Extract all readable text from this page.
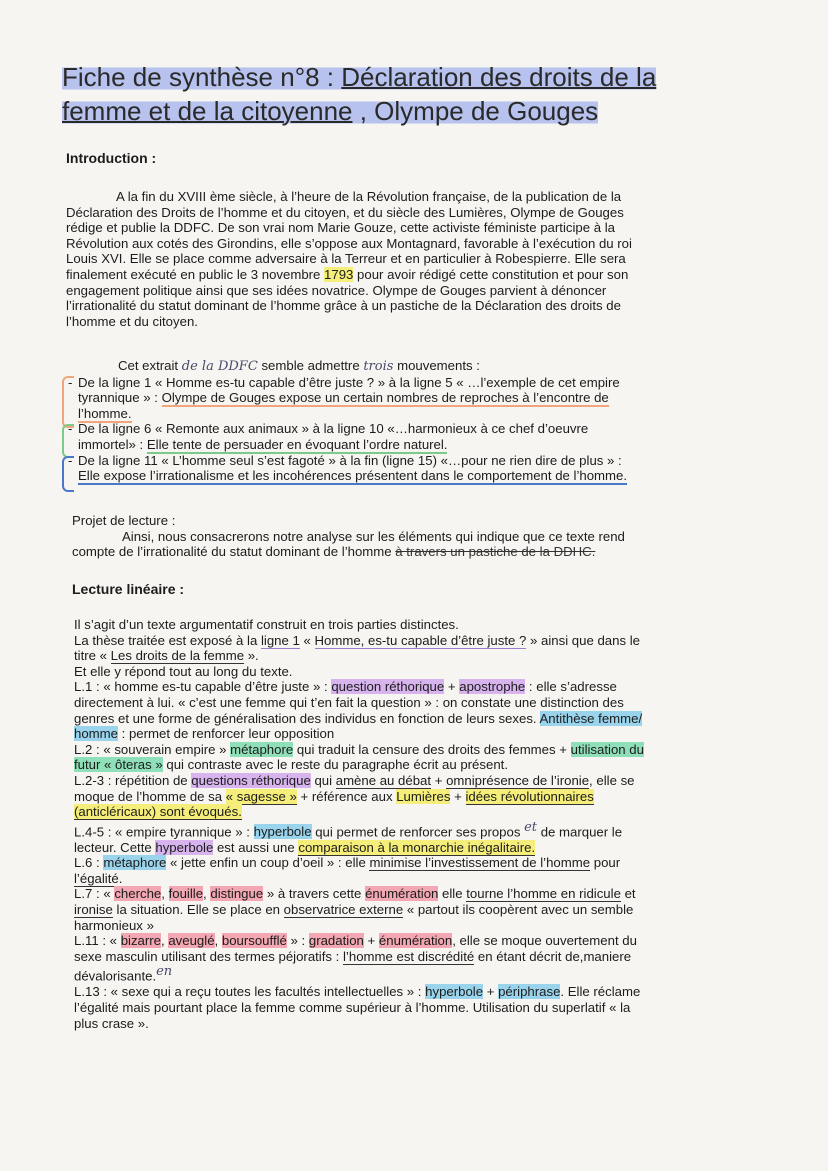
Fiche de synthèse n°8 : Déclaration des droits de la
femme et de la citoyenne , Olympe de Gouges
Introduction :
A la fin du XVIII ème siècle, à l’heure de la Révolution française, de la publication de la
Déclaration des Droits de l’homme et du citoyen, et du siècle des Lumières, Olympe de Gouges
rédige et publie la DDFC. De son vrai nom Marie Gouze, cette activiste féministe participe à la
Révolution aux cotés des Girondins, elle s’oppose aux Montagnard, favorable à l’exécution du roi
Louis XVI. Elle se place comme adversaire à la Terreur et en particulier à Robespierre. Elle sera
finalement exécuté en public le 3 novembre 1793 pour avoir rédigé cette constitution et pour son
engagement politique ainsi que ses idées novatrice. Olympe de Gouges parvient à dénoncer
l’irrationalité du statut dominant de l’homme grâce à un pastiche de la Déclaration des droits de
l’homme et du citoyen.
Cet extrait de la DDFC semble admettre trois mouvements :
- De la ligne 1 « Homme es-tu capable d’être juste ? » à la ligne 5 « …l’exemple de cet empire
tyrannique » : Olympe de Gouges expose un certain nombres de reproches à l’encontre de
l’homme.
- De la ligne 6 « Remonte aux animaux » à la ligne 10 «…harmonieux à ce chef d’oeuvre
immortel» : Elle tente de persuader en évoquant l’ordre naturel.
- De la ligne 11 « L’homme seul s’est fagoté » à la fin (ligne 15) «…pour ne rien dire de plus » :
Elle expose l’irrationalisme et les incohérences présentent dans le comportement de l’homme.
Projet de lecture :
Ainsi, nous consacrerons notre analyse sur les éléments qui indique que ce texte rend
compte de l’irrationalité du statut dominant de l’homme à travers un pastiche de la DDHC.
Lecture linéaire :
Il s’agit d’un texte argumentatif construit en trois parties distinctes.
La thèse traitée est exposé à la ligne 1 « Homme, es-tu capable d’être juste ? » ainsi que dans le
titre « Les droits de la femme ».
Et elle y répond tout au long du texte.
L.1 : « homme es-tu capable d’être juste » : question réthorique + apostrophe : elle s’adresse
directement à lui. « c’est une femme qui t’en fait la question » : on constate une distinction des
genres et une forme de généralisation des individus en fonction de leurs sexes. Antithèse femme/
homme : permet de renforcer leur opposition
L.2 : « souverain empire » métaphore qui traduit la censure des droits des femmes + utilisation du
futur « ôteras » qui contraste avec le reste du paragraphe écrit au présent.
L.2-3 : répétition de questions réthorique qui amène au débat + omniprésence de l’ironie, elle se
moque de l’homme de sa « sagesse » + référence aux Lumières + idées révolutionnaires
(anticléricaux) sont évoqués.
L.4-5 : « empire tyrannique » : hyperbole qui permet de renforcer ses propos $^{et}$ de marquer le
lecteur. Cette hyperbole est aussi une comparaison à la monarchie inégalitaire.
L.6 : métaphore « jette enfin un coup d’oeil » : elle minimise l’investissement de l’homme pour
l’égalité.
L.7 : « cherche, fouille, distingue » à travers cette énumération elle tourne l’homme en ridicule et
ironise la situation. Elle se place en observatrice externe « partout ils coopèrent avec un semble
harmonieux »
L.11 : « bizarre, aveuglé, boursoufflé » : gradation + énumération, elle se moque ouvertement du
sexe masculin utilisant des termes péjoratifs : l’homme est discrédité en étant décrit de,maniere
dévalorisante.$^{en}$
L.13 : « sexe qui a reçu toutes les facultés intellectuelles » : hyperbole + périphrase. Elle réclame
l’égalité mais pourtant place la femme comme supérieur à l’homme. Utilisation du superlatif « la
plus crase ».
